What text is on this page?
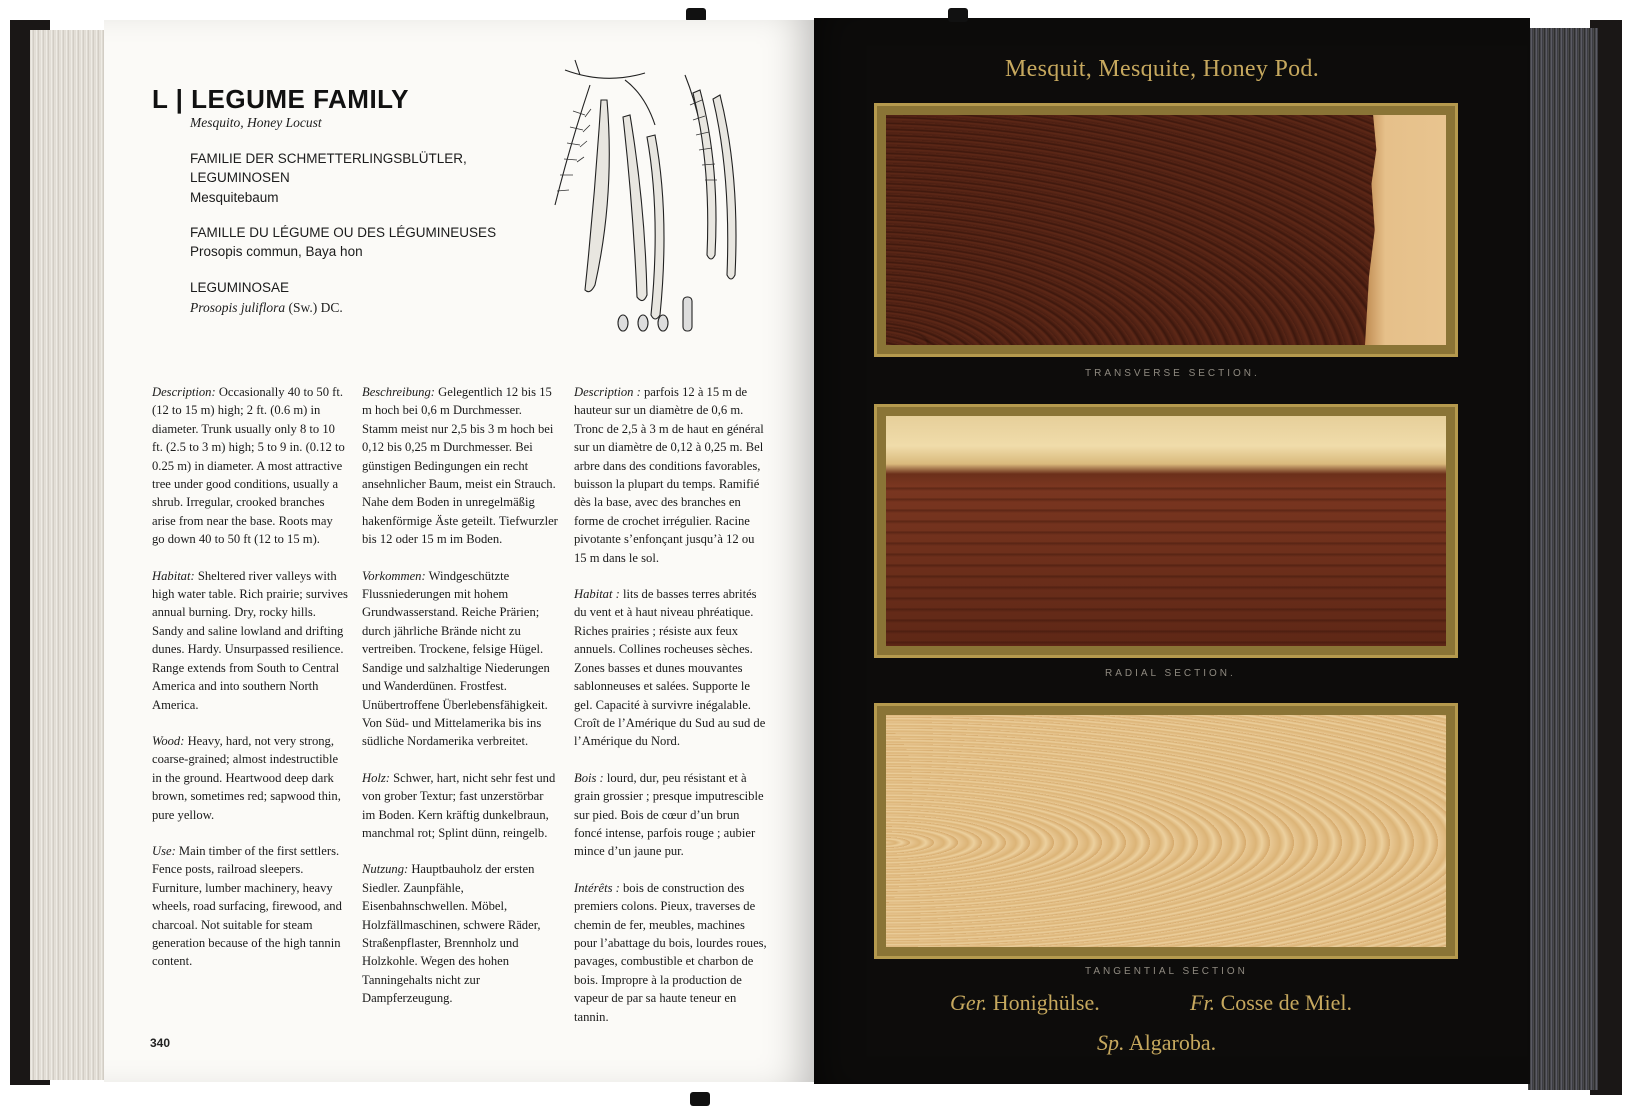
L | LEGUME FAMILY
Mesquito, Honey Locust
FAMILIE DER SCHMETTERLINGSBLÜTLER,
LEGUMINOSEN
Mesquitebaum
FAMILLE DU LÉGUME OU DES LÉGUMINEUSES
Prosopis commun, Baya hon
LEGUMINOSAE
Prosopis juliflora (Sw.) DC.

Description: Occasionally 40 to 50 ft. (12 to 15 m) high; 2 ft. (0.6 m) in diameter. Trunk usually only 8 to 10 ft. (2.5 to 3 m) high; 5 to 9 in. (0.12 to 0.25 m) in diameter. A most attractive tree under good conditions, usually a shrub. Irregular, crooked branches arise from near the base. Roots may go down 40 to 50 ft (12 to 15 m).

Habitat: Sheltered river valleys with high water table. Rich prairie; survives annual burning. Dry, rocky hills. Sandy and saline lowland and drifting dunes. Hardy. Unsurpassed resilience. Range extends from South to Central America and into southern North America.

Wood: Heavy, hard, not very strong, coarse-grained; almost indestructible in the ground. Heartwood deep dark brown, sometimes red; sapwood thin, pure yellow.

Use: Main timber of the first settlers. Fence posts, railroad sleepers. Furniture, lumber machinery, heavy wheels, road surfacing, firewood, and charcoal. Not suitable for steam generation because of the high tannin content.

Beschreibung: Gelegentlich 12 bis 15 m hoch bei 0,6 m Durchmesser. Stamm meist nur 2,5 bis 3 m hoch bei 0,12 bis 0,25 m Durchmesser. Bei günstigen Bedingungen ein recht ansehnlicher Baum, meist ein Strauch. Nahe dem Boden in unregelmäßig hakenförmige Äste geteilt. Tiefwurzler bis 12 oder 15 m im Boden.

Vorkommen: Windgeschützte Flussniederungen mit hohem Grundwasserstand. Reiche Prärien; durch jährliche Brände nicht zu vertreiben. Trockene, felsige Hügel. Sandige und salzhaltige Niederungen und Wanderdünen. Frostfest. Unübertroffene Überlebensfähigkeit. Von Süd- und Mittelamerika bis ins südliche Nordamerika verbreitet.

Holz: Schwer, hart, nicht sehr fest und von grober Textur; fast unzerstörbar im Boden. Kern kräftig dunkelbraun, manchmal rot; Splint dünn, reingelb.

Nutzung: Hauptbauholz der ersten Siedler. Zaunpfähle, Eisenbahnschwellen. Möbel, Holzfällmaschinen, schwere Räder, Straßenpflaster, Brennholz und Holzkohle. Wegen des hohen Tanningehalts nicht zur Dampferzeugung.

Description : parfois 12 à 15 m de hauteur sur un diamètre de 0,6 m. Tronc de 2,5 à 3 m de haut en général sur un diamètre de 0,12 à 0,25 m. Bel arbre dans des conditions favorables, buisson la plupart du temps. Ramifié dès la base, avec des branches en forme de crochet irrégulier. Racine pivotante s’enfonçant jusqu’à 12 ou 15 m dans le sol.

Habitat : lits de basses terres abrités du vent et à haut niveau phréatique. Riches prairies ; résiste aux feux annuels. Collines rocheuses sèches. Zones basses et dunes mouvantes sablonneuses et salées. Supporte le gel. Capacité à survivre inégalable. Croît de l’Amérique du Sud au sud de l’Amérique du Nord.

Bois : lourd, dur, peu résistant et à grain grossier ; presque imputrescible sur pied. Bois de cœur d’un brun foncé intense, parfois rouge ; aubier mince d’un jaune pur.

Intérêts : bois de construction des premiers colons. Pieux, traverses de chemin de fer, meubles, machines pour l’abattage du bois, lourdes roues, pavages, combustible et charbon de bois. Impropre à la production de vapeur de par sa haute teneur en tannin.

340
Mesquit, Mesquite, Honey Pod.
TRANSVERSE SECTION.
RADIAL SECTION.
TANGENTIAL SECTION
Ger. Honighülse.	Fr. Cosse de Miel.
Sp. Algaroba.
